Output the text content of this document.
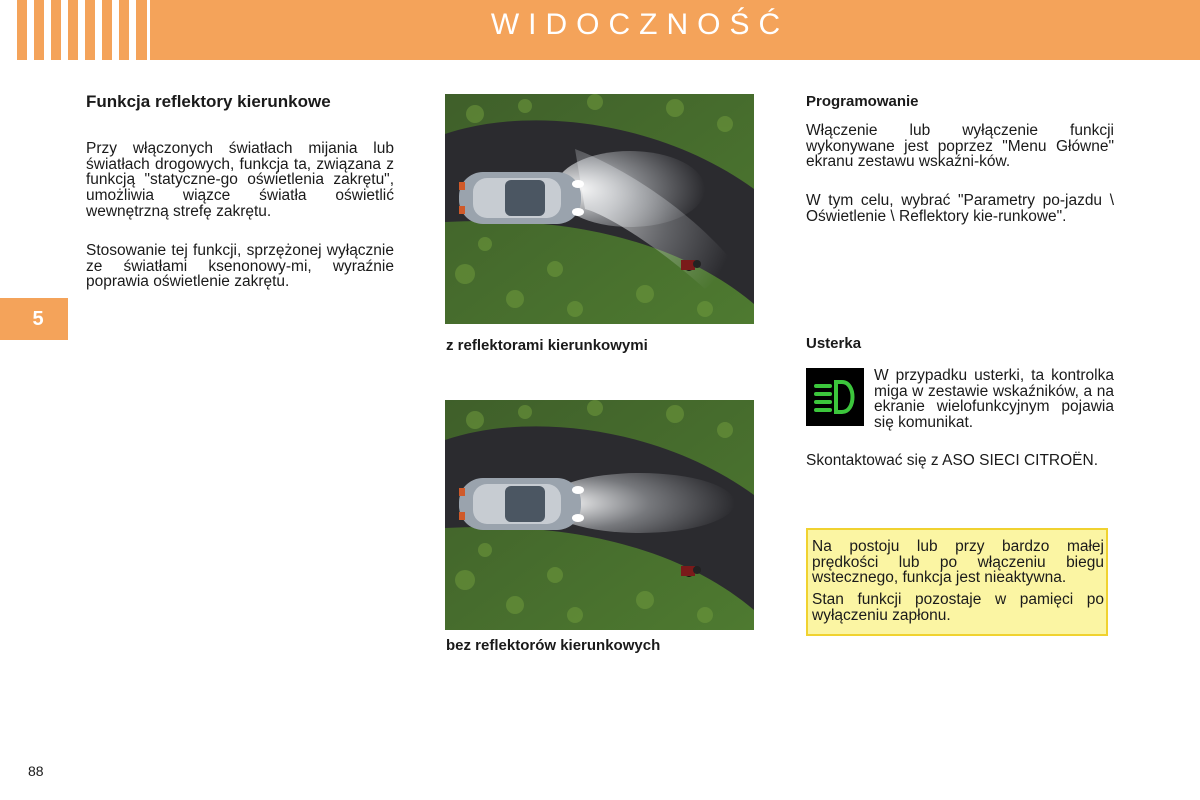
WIDOCZNOŚĆ
5
Funkcja reflektory kierunkowe

Przy włączonych światłach mijania lub światłach drogowych, funkcja ta, związana z funkcją "statyczne-go oświetlenia zakrętu", umożliwia wiązce światła oświetlić wewnętrzną strefę zakrętu.

Stosowanie tej funkcji, sprzężonej wyłącznie ze światłami ksenonowy-mi, wyraźnie poprawia oświetlenie zakrętu.

z reflektorami kierunkowymi

bez reflektorów kierunkowych

Programowanie

Włączenie lub wyłączenie funkcji wykonywane jest poprzez "Menu Główne" ekranu zestawu wskaźni-ków.

W tym celu, wybrać "Parametry po-jazdu \ Oświetlenie \ Reflektory kie-runkowe".

Usterka

W przypadku usterki, ta kontrolka miga w zestawie wskaźników, a na ekranie wielofunkcyjnym pojawia się komunikat.

Skontaktować się z ASO SIECI CITROËN.

Na postoju lub przy bardzo małej prędkości lub po włączeniu biegu wstecznego, funkcja jest nieaktywna.

Stan funkcji pozostaje w pamięci po wyłączeniu zapłonu.

88
